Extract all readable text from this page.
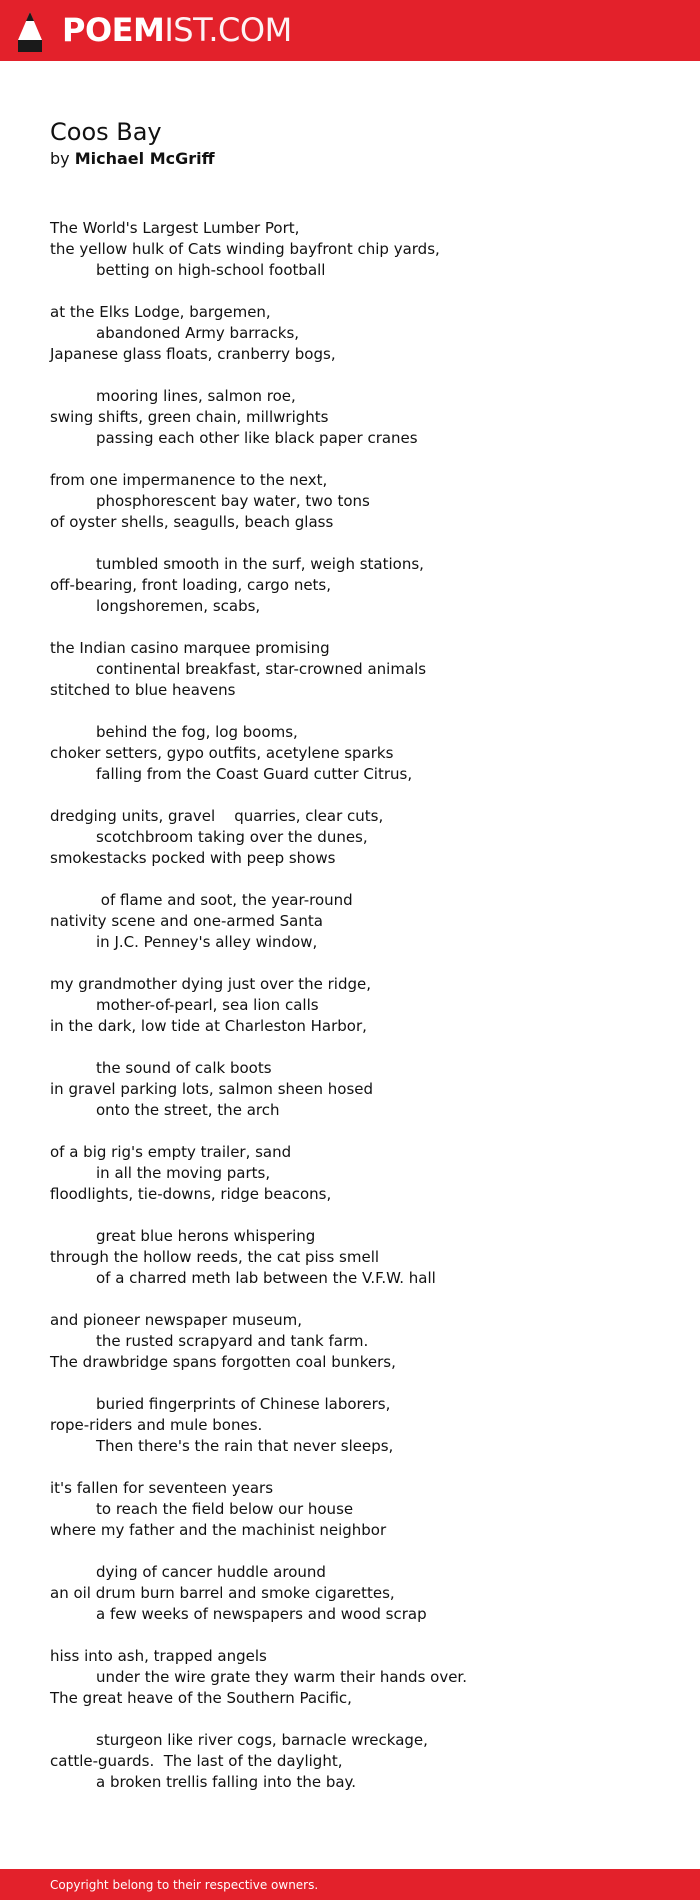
POEMIST.COM
Coos Bay
by Michael McGriff
The World's Largest Lumber Port,
the yellow hulk of Cats winding bayfront chip yards,
betting on high-school football
at the Elks Lodge, bargemen,
abandoned Army barracks,
Japanese glass floats, cranberry bogs,
mooring lines, salmon roe,
swing shifts, green chain, millwrights
passing each other like black paper cranes
from one impermanence to the next,
phosphorescent bay water, two tons
of oyster shells, seagulls, beach glass
tumbled smooth in the surf, weigh stations,
off-bearing, front loading, cargo nets,
longshoremen, scabs,
the Indian casino marquee promising
continental breakfast, star-crowned animals
stitched to blue heavens
behind the fog, log booms,
choker setters, gypo outfits, acetylene sparks
falling from the Coast Guard cutter Citrus,
dredging units, gravel    quarries, clear cuts,
scotchbroom taking over the dunes,
smokestacks pocked with peep shows
of flame and soot, the year-round
nativity scene and one-armed Santa
in J.C. Penney's alley window,
my grandmother dying just over the ridge,
mother-of-pearl, sea lion calls
in the dark, low tide at Charleston Harbor,
the sound of calk boots
in gravel parking lots, salmon sheen hosed
onto the street, the arch
of a big rig's empty trailer, sand
in all the moving parts,
floodlights, tie-downs, ridge beacons,
great blue herons whispering
through the hollow reeds, the cat piss smell
of a charred meth lab between the V.F.W. hall
and pioneer newspaper museum,
the rusted scrapyard and tank farm.
The drawbridge spans forgotten coal bunkers,
buried fingerprints of Chinese laborers,
rope-riders and mule bones.
Then there's the rain that never sleeps,
it's fallen for seventeen years
to reach the field below our house
where my father and the machinist neighbor
dying of cancer huddle around
an oil drum burn barrel and smoke cigarettes,
a few weeks of newspapers and wood scrap
hiss into ash, trapped angels
under the wire grate they warm their hands over.
The great heave of the Southern Pacific,
sturgeon like river cogs, barnacle wreckage,
cattle-guards.  The last of the daylight,
a broken trellis falling into the bay.
Copyright belong to their respective owners.
